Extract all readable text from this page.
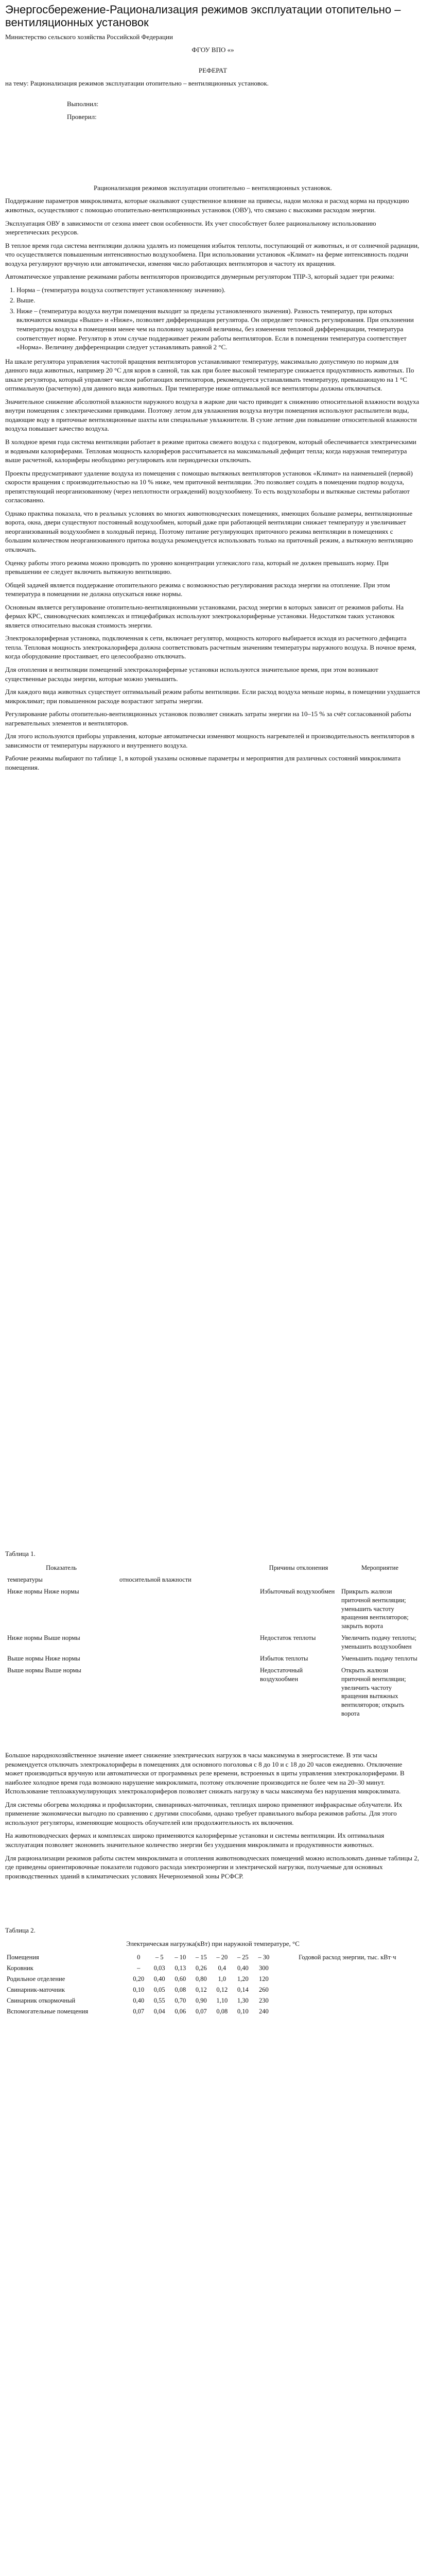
Энергосбережение-Рационализация режимов эксплуатации отопительно – вентиляционных установок

Министерство сельского хозяйства Российской Федерации

ФГОУ ВПО «»

РЕФЕРАТ

на тему: Рационализация режимов эксплуатации отопительно – вентиляционных установок.

Выполнил:

Проверил:

Рационализация режимов эксплуатации отопительно – вентиляционных установок.

Поддержание параметров микроклимата, которые оказывают существенное влияние на привесы, надои молока и расход корма на продукцию животных, осуществляют с помощью отопительно-вентиляционных установок (ОВУ), что связано с высокими расходом энергии.

Эксплуатация ОВУ в зависимости от сезона имеет свои особенности. Их учет способствует более рациональному использованию энергетических ресурсов.

В теплое время года система вентиляции должна удалять из помещения избыток теплоты, поступающий от животных, и от солнечной радиации, что осуществляется повышенным интенсивностью воздухообмена. При использовании установок «Климат» на ферме интенсивность подачи воздуха регулируют вручную или автоматически, изменяя число работающих вентиляторов и частоту их вращения.

Автоматическое управление режимами работы вентиляторов производится двумерным регулятором ТПР-3, который задает три режима:

1. Норма – (температура воздуха соответствует установленному значению).
2. Выше.
3. Ниже – (температура воздуха внутри помещения выходит за пределы установленного значения). Разность температур, при которых включаются команды «Выше» и «Ниже», позволяет дифференциация регулятора. Он определяет точность регулирования. При отклонении температуры воздуха в помещении менее чем на половину заданной величины, без изменения тепловой дифференциации, температура соответствует норме. Регулятор в этом случае поддерживает режим работы вентиляторов. Если в помещении температура соответствует «Норма». Величину дифференциации следует устанавливать равной 2 °С.

На шкале регулятора управления частотой вращения вентиляторов устанавливают температуру, максимально допустимую по нормам для данного вида животных, например 20 °С для коров в санной, так как при более высокой температуре снижается продуктивность животных. По шкале регулятора, который управляет числом работающих вентиляторов, рекомендуется устанавливать температуру, превышающую на 1 °С оптимальную (расчетную) для данного вида животных. При температуре ниже оптимальной все вентиляторы должны отключаться.

Значительное снижение абсолютной влажности наружного воздуха в жаркие дни часто приводит к снижению относительной влажности воздуха внутри помещения с электрическими приводами. Поэтому летом для увлажнения воздуха внутри помещения используют распылители воды, подающие воду в приточные вентиляционные шахты или специальные увлажнители. В сухие летние дни повышение относительной влажности воздуха повышает качество воздуха.

В холодное время года система вентиляции работает в режиме притока свежего воздуха с подогревом, который обеспечивается электрическими и водяными калориферами. Тепловая мощность калориферов рассчитывается на максимальный дефицит тепла; когда наружная температура выше расчетной, калориферы необходимо регулировать или периодически отключать.

Проекты предусматривают удаление воздуха из помещения с помощью вытяжных вентиляторов установок «Климат» на наименьшей (первой) скорости вращения с производительностью на 10 % ниже, чем приточной вентиляции. Это позволяет создать в помещении подпор воздуха, препятствующий неорганизованному (через неплотности ограждений) воздухообмену. То есть воздухозаборы и вытяжные системы работают согласованно.

Однако практика показала, что в реальных условиях во многих животноводческих помещениях, имеющих большие размеры, вентиляционные ворота, окна, двери существуют постоянный воздухообмен, который даже при работающей вентиляции снижает температуру и увеличивает неорганизованный воздухообмен в холодный период. Поэтому питание регулирующих приточного режима вентиляции в помещениях с большим количеством неорганизованного притока воздуха рекомендуется использовать только на приточный режим, а вытяжную вентиляцию отключать.

Оценку работы этого режима можно проводить по уровню концентрации углекислого газа, который не должен превышать норму. При превышении ее следует включить вытяжную вентиляцию.

Общей задачей является поддержание отопительного режима с возможностью регулирования расхода энергии на отопление. При этом температура в помещении не должна опускаться ниже нормы.

Основным является регулирование отопительно-вентиляционными установками, расход энергии в которых зависит от режимов работы. На фермах КРС, свиноводческих комплексах и птицефабриках используют электрокалориферные установки. Недостатком таких установок является относительно высокая стоимость энергии.

Электрокалориферная установка, подключенная к сети, включает регулятор, мощность которого выбирается исходя из расчетного дефицита тепла. Тепловая мощность электрокалорифера должна соответствовать расчетным значениям температуры наружного воздуха. В ночное время, когда оборудование простаивает, его целесообразно отключать.

Для отопления и вентиляции помещений электрокалориферные установки используются значительное время, при этом возникают существенные расходы энергии, которые можно уменьшить.

Для каждого вида животных существует оптимальный режим работы вентиляции. Если расход воздуха меньше нормы, в помещении ухудшается микроклимат; при повышенном расходе возрастают затраты энергии.

Регулирование работы отопительно-вентиляционных установок позволяет снижать затраты энергии на 10–15 % за счёт согласованной работы нагревательных элементов и вентиляторов.

Для этого используются приборы управления, которые автоматически изменяют мощность нагревателей и производительность вентиляторов в зависимости от температуры наружного и внутреннего воздуха.

Рабочие режимы выбирают по таблице 1, в которой указаны основные параметры и мероприятия для различных состояний микроклимата помещения.

Таблица 1.

Показатель		Причины отклонения	Мероприятие
температуры	относительной влажности		
Ниже нормы Ниже нормы		Избыточный воздухообмен	Прикрыть жалюзи приточной вентиляции; уменьшить частоту вращения вентиляторов; закрыть ворота
Ниже нормы Выше нормы		Недостаток теплоты	Увеличить подачу теплоты; уменьшить воздухообмен
Выше нормы Ниже нормы		Избыток теплоты	Уменьшить подачу теплоты
Выше нормы Выше нормы		Недостаточный воздухообмен	Открыть жалюзи приточной вентиляции; увеличить частоту вращения вытяжных вентиляторов; открыть ворота

Большое народнохозяйственное значение имеет снижение электрических нагрузок в часы максимума в энергосистеме. В эти часы рекомендуется отключать электрокалориферы в помещениях для основного поголовья с 8 до 10 и с 18 до 20 часов ежедневно. Отключение может производиться вручную или автоматически от программных реле времени, встроенных в щиты управления электрокалориферами. В наиболее холодное время года возможно нарушение микроклимата, поэтому отключение производится не более чем на 20–30 минут. Использование теплоаккумулирующих электрокалориферов позволяет снижать нагрузку в часы максимума без нарушения микроклимата.

Для системы обогрева молодняка и профилактории, свинарниках-маточниках, теплицах широко применяют инфракрасные облучатели. Их применение экономически выгодно по сравнению с другими способами, однако требует правильного выбора режимов работы. Для этого используют регуляторы, изменяющие мощность облучателей или продолжительность их включения.

На животноводческих фермах и комплексах широко применяются калориферные установки и системы вентиляции. Их оптимальная эксплуатация позволяет экономить значительное количество энергии без ухудшения микроклимата и продуктивности животных.

Для рационализации режимов работы систем микроклимата и отопления животноводческих помещений можно использовать данные таблицы 2, где приведены ориентировочные показатели годового расхода электроэнергии и электрической нагрузки, получаемые для основных производственных зданий в климатических условиях Нечерноземной зоны РСФСР.

Таблица 2.

Электрическая нагрузка(кВт) при наружной температуре, °С

Помещения	0	– 5	– 10	– 15	– 20	– 25	– 30	Годовой расход энергии, тыс. кВт·ч
Коровник	–	0,03	0,13	0,26	0,4	0,40	300	
Родильное отделение	0,20	0,40	0,60	0,80	1,0	1,20	120	
Свинарник-маточник	0,10	0,05	0,08	0,12	0,12	0,14	260	
Свинарник откормочный	0,40	0,55	0,70	0,90	1,10	1,30	230	
Вспомогательные помещения	0,07	0,04	0,06	0,07	0,08	0,10	240	
